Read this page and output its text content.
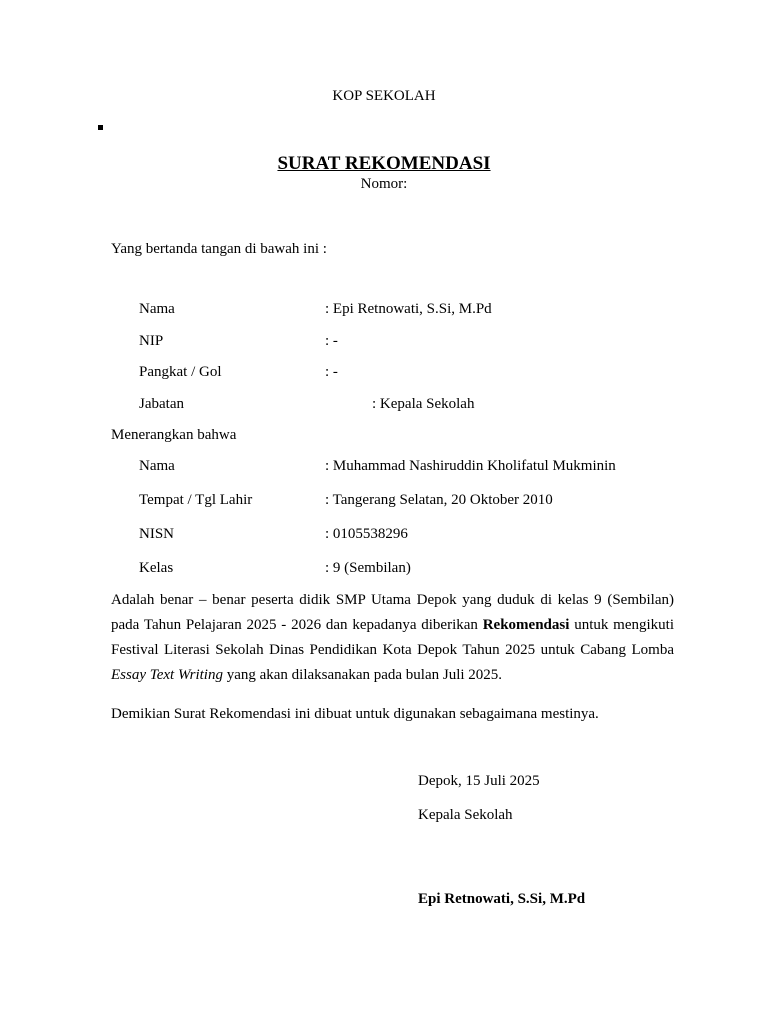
KOP SEKOLAH
SURAT REKOMENDASI
Nomor:
Yang bertanda tangan di bawah ini :
Nama	: Epi Retnowati, S.Si, M.Pd
NIP	: -
Pangkat / Gol	: -
Jabatan	: Kepala Sekolah
Menerangkan bahwa
Nama	: Muhammad Nashiruddin Kholifatul Mukminin
Tempat / Tgl Lahir	: Tangerang Selatan, 20 Oktober 2010
NISN	: 0105538296
Kelas	: 9 (Sembilan)

Adalah benar – benar peserta didik SMP Utama Depok yang duduk di kelas 9 (Sembilan) pada Tahun Pelajaran 2025 - 2026 dan kepadanya diberikan Rekomendasi untuk mengikuti Festival Literasi Sekolah Dinas Pendidikan Kota Depok Tahun 2025 untuk Cabang Lomba Essay Text Writing yang akan dilaksanakan pada bulan Juli 2025.

Demikian Surat Rekomendasi ini dibuat untuk digunakan sebagaimana mestinya.
Depok, 15 Juli 2025
Kepala Sekolah
Epi Retnowati, S.Si, M.Pd
